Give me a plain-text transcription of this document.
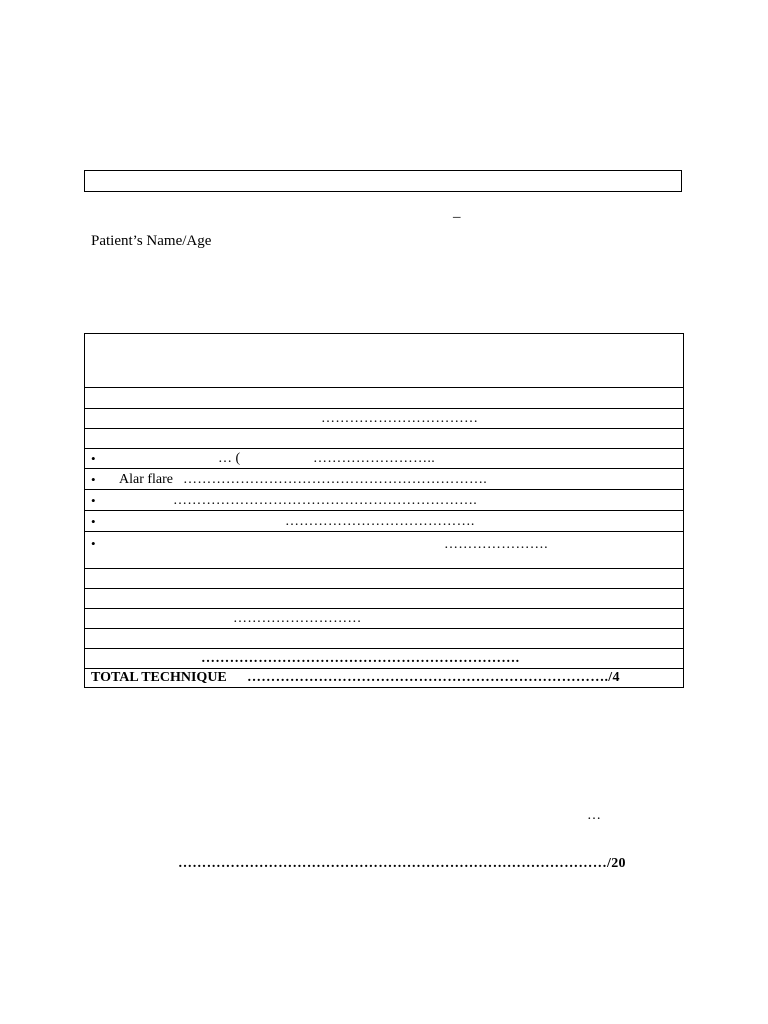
–
Patient’s Name/Age
……………………………
•	… (	……………………..
• Alar flare ……………………………………………………….
•	……………………………………………………….
•	………………………………….
•	………………….
………………………
………………………………………………………….
TOTAL TECHNIQUE …………………………………………………………………./4
…
………………………………………………………………………………/20
